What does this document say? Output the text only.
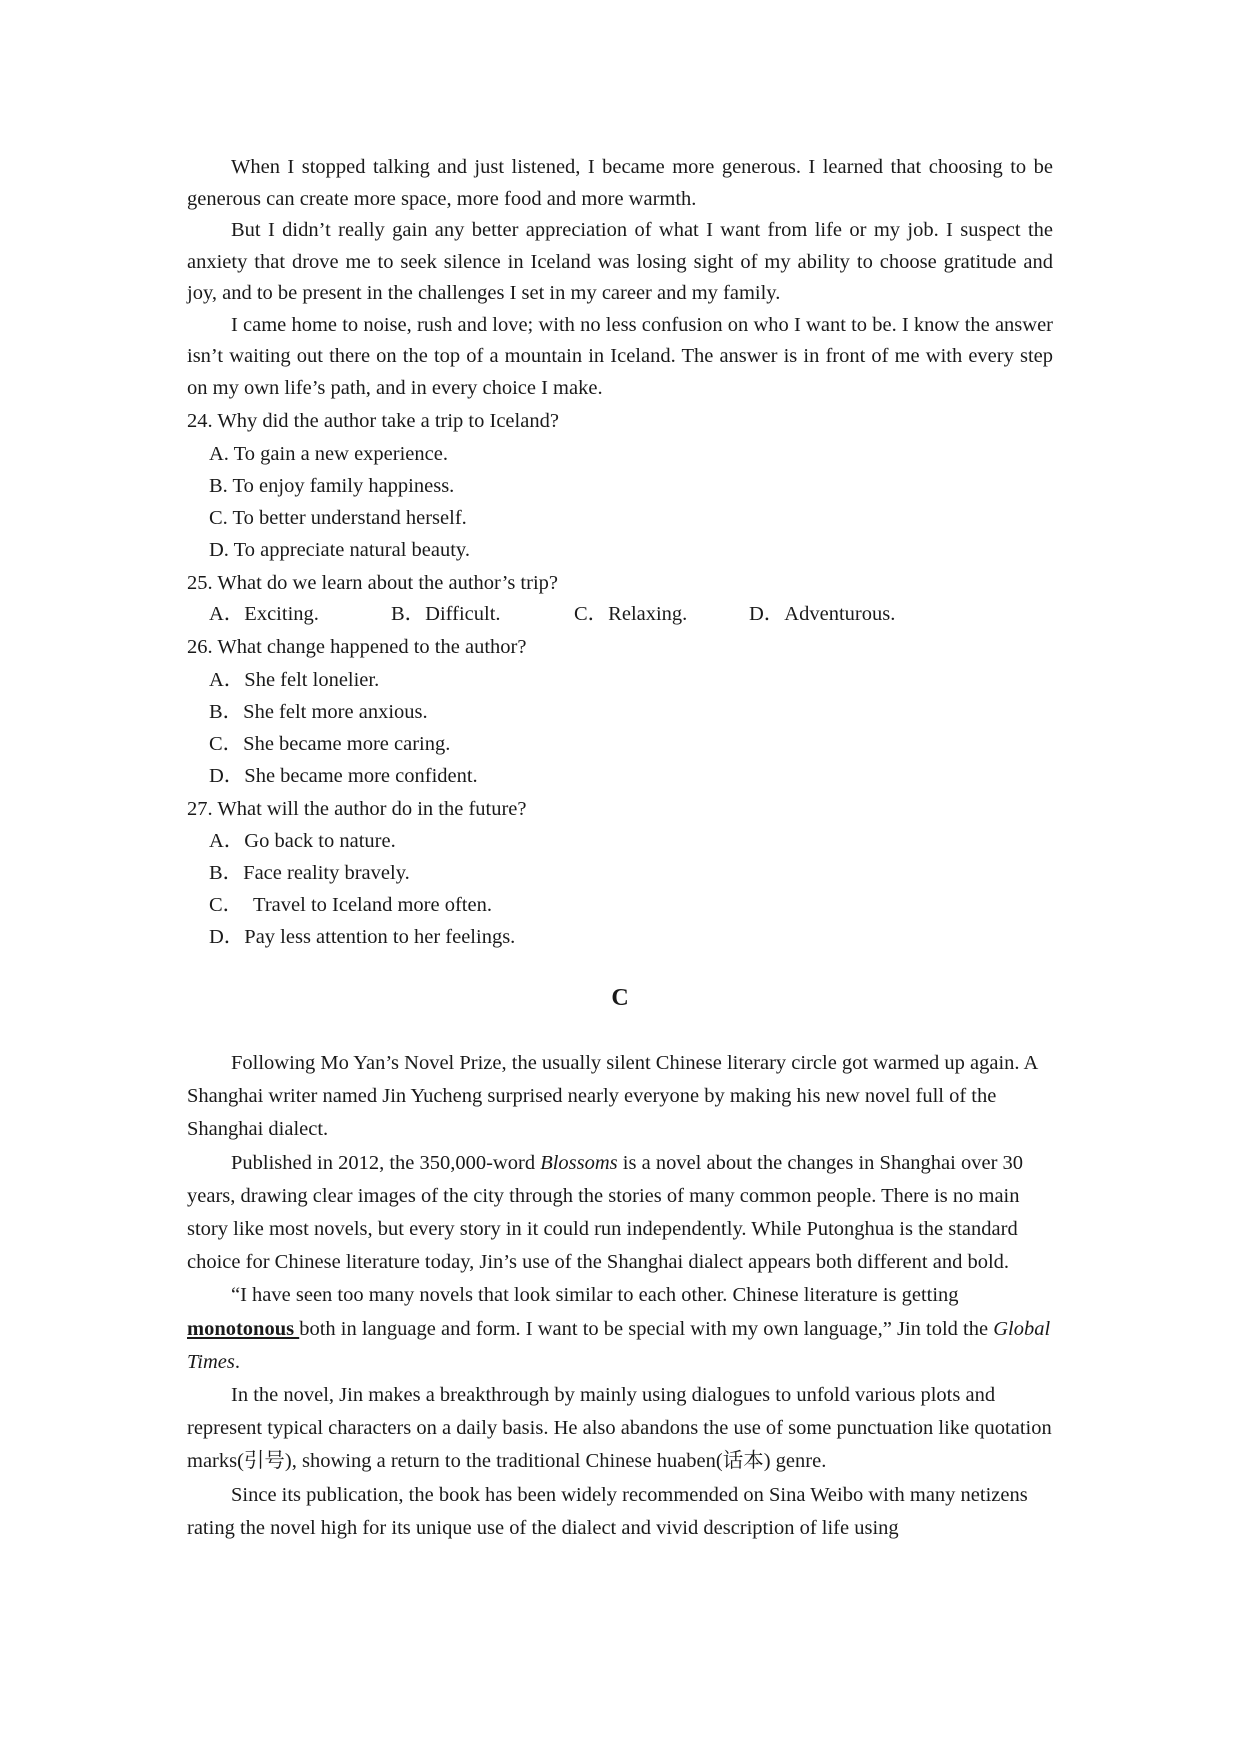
When I stopped talking and just listened, I became more generous. I learned that choosing to be generous can create more space, more food and more warmth.

But I didn’t really gain any better appreciation of what I want from life or my job. I suspect the anxiety that drove me to seek silence in Iceland was losing sight of my ability to choose gratitude and joy, and to be present in the challenges I set in my career and my family.

I came home to noise, rush and love; with no less confusion on who I want to be. I know the answer isn’t waiting out there on the top of a mountain in Iceland. The answer is in front of me with every step on my own life’s path, and in every choice I make.

24. Why did the author take a trip to Iceland?

A. To gain a new experience.

B. To enjoy family happiness.

C. To better understand herself.

D. To appreciate natural beauty.

25. What do we learn about the author’s trip?

A．Exciting.	B．Difficult.	C．Relaxing.	D．Adventurous.

26. What change happened to the author?

A．She felt lonelier.

B．She felt more anxious.

C．She became more caring.

D．She became more confident.

27. What will the author do in the future?

A．Go back to nature.

B．Face reality bravely.

C．  Travel to Iceland more often.

D．Pay less attention to her feelings.

C

Following Mo Yan’s Novel Prize, the usually silent Chinese literary circle got warmed up again. A Shanghai writer named Jin Yucheng surprised nearly everyone by making his new novel full of the Shanghai dialect.

Published in 2012, the 350,000-word Blossoms is a novel about the changes in Shanghai over 30 years, drawing clear images of the city through the stories of many common people. There is no main story like most novels, but every story in it could run independently. While Putonghua is the standard choice for Chinese literature today, Jin’s use of the Shanghai dialect appears both different and bold.

“I have seen too many novels that look similar to each other. Chinese literature is getting monotonous both in language and form. I want to be special with my own language,” Jin told the Global Times.

In the novel, Jin makes a breakthrough by mainly using dialogues to unfold various plots and represent typical characters on a daily basis. He also abandons the use of some punctuation like quotation marks(引号), showing a return to the traditional Chinese huaben(话本) genre.

Since its publication, the book has been widely recommended on Sina Weibo with many netizens rating the novel high for its unique use of the dialect and vivid description of life using
